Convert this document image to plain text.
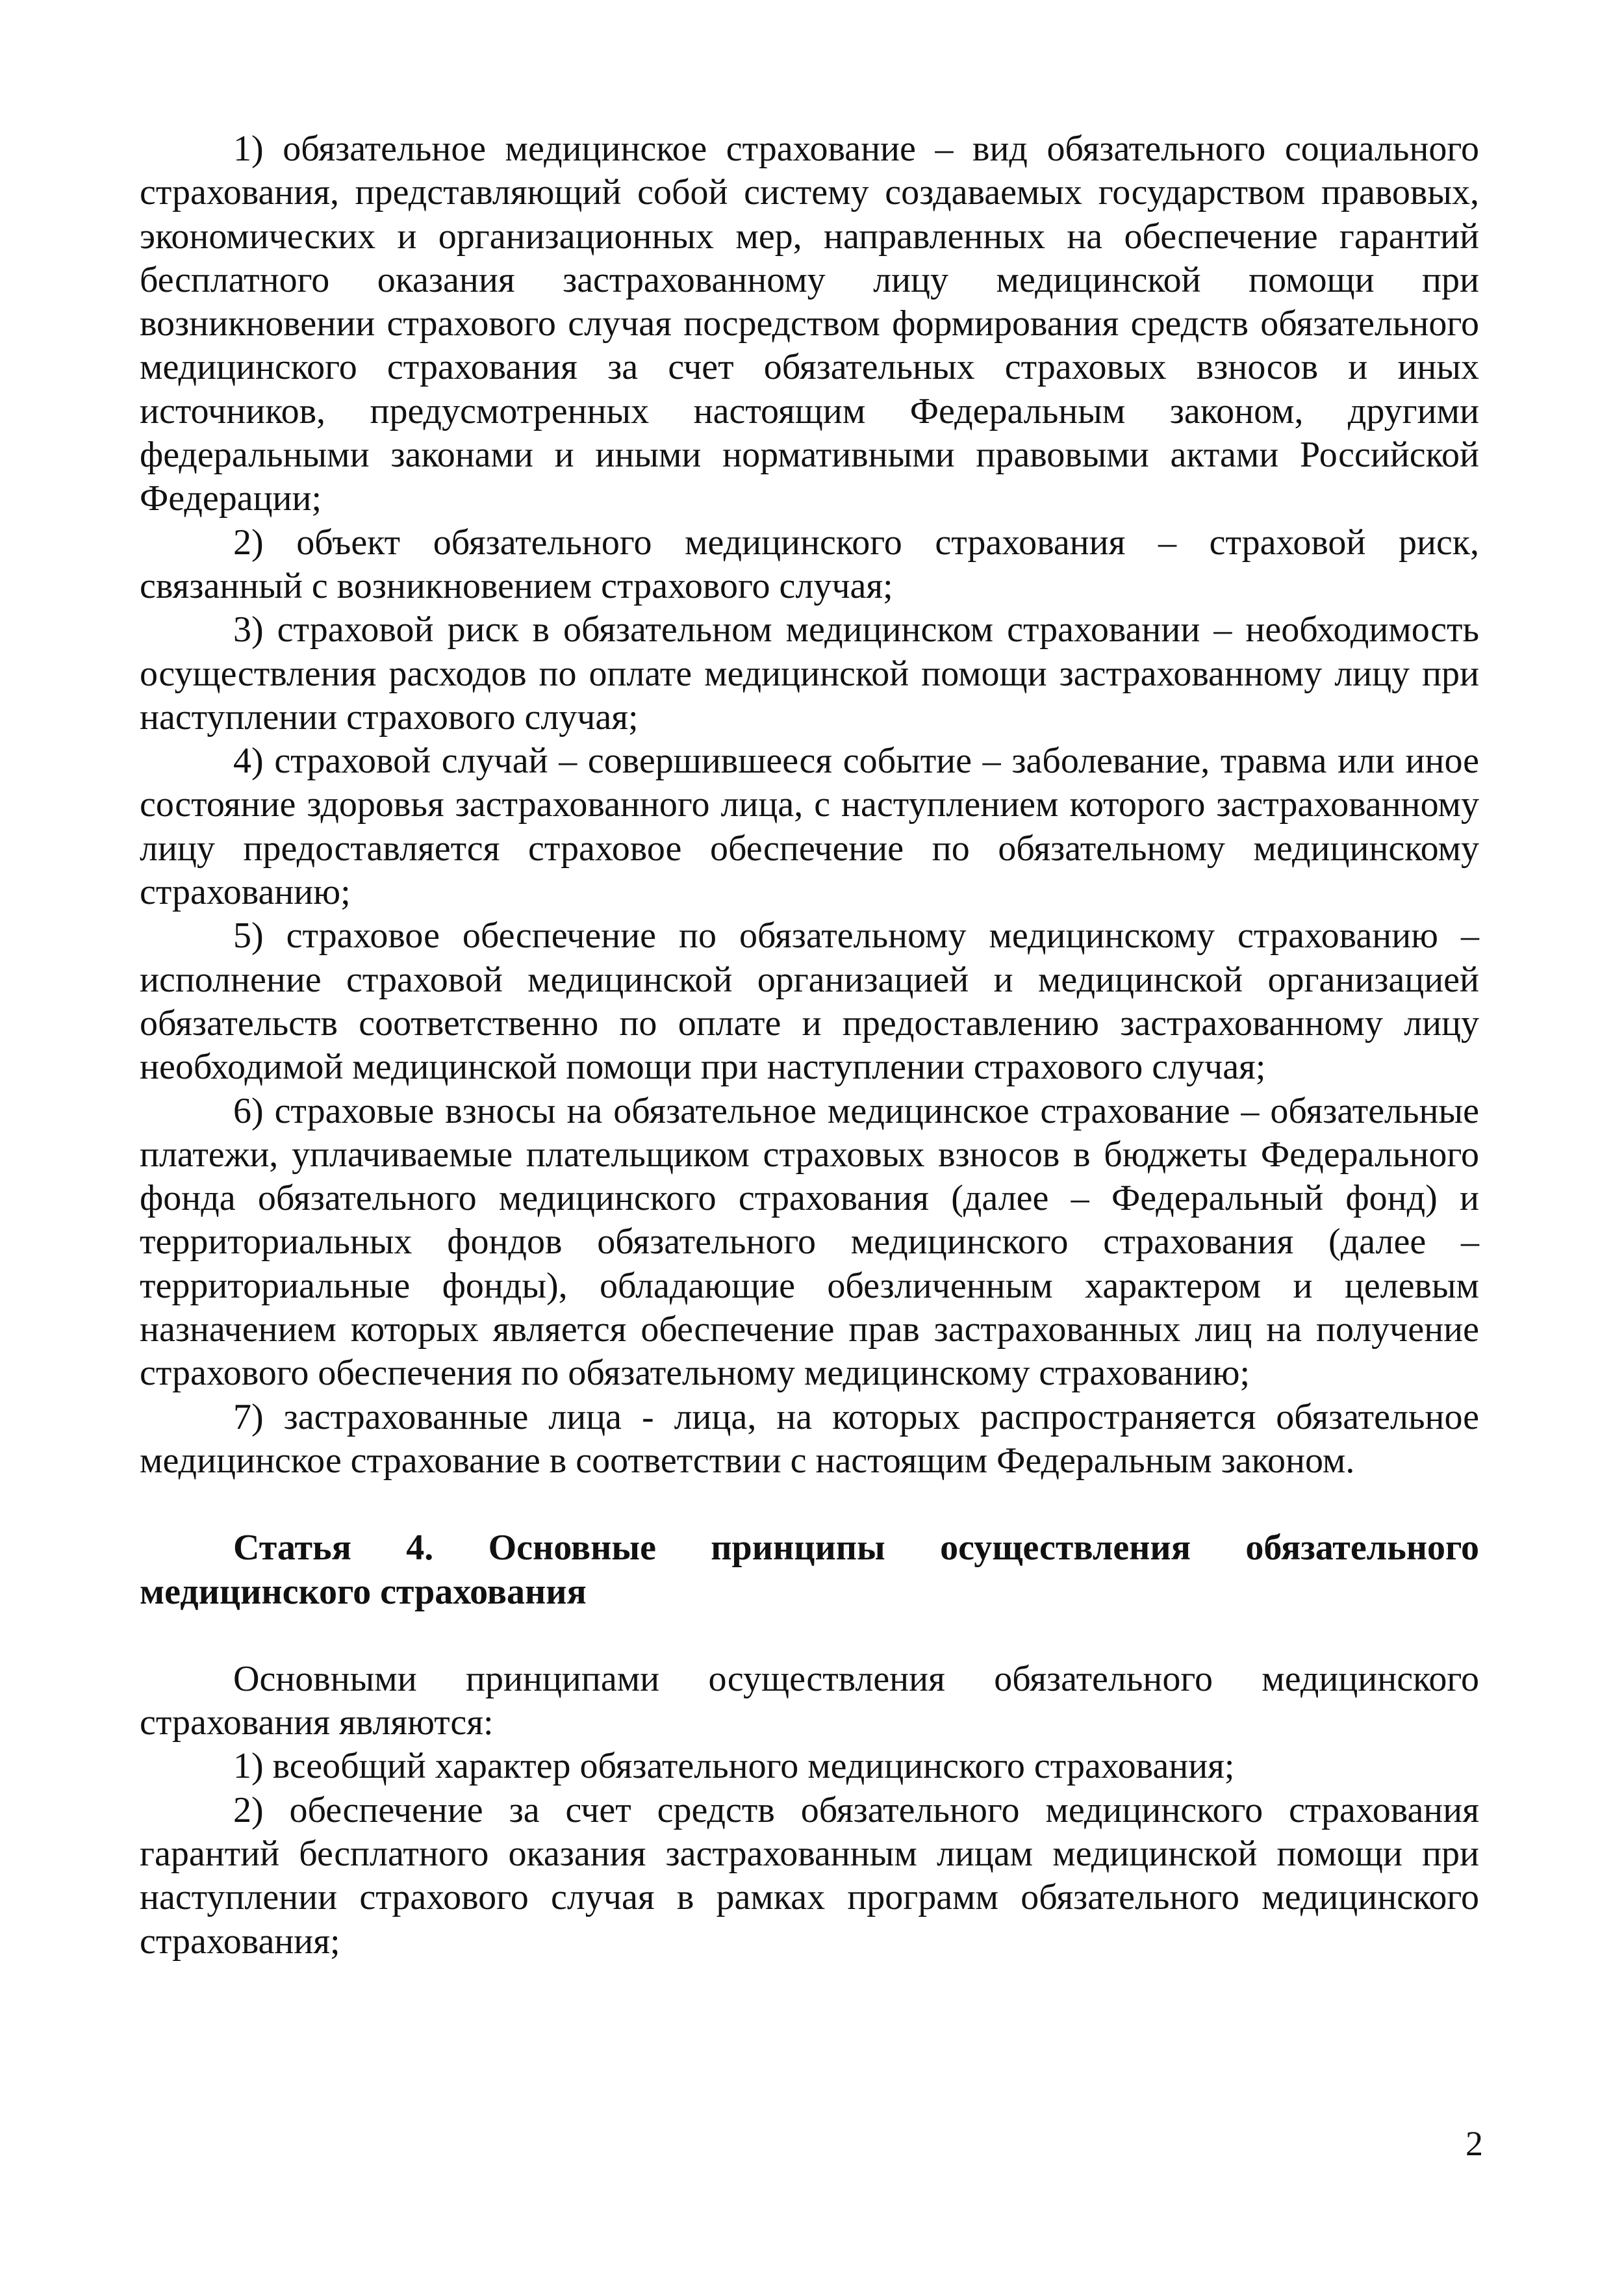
1) обязательное медицинское страхование – вид обязательного социального страхования, представляющий собой систему создаваемых государством правовых, экономических и организационных мер, направленных на обеспечение гарантий бесплатного оказания застрахованному лицу медицинской помощи при возникновении страхового случая посредством формирования средств обязательного медицинского страхования за счет обязательных страховых взносов и иных источников, предусмотренных настоящим Федеральным законом, другими федеральными законами и иными нормативными правовыми актами Российской Федерации;

2) объект обязательного медицинского страхования – страховой риск, связанный с возникновением страхового случая;

3) страховой риск в обязательном медицинском страховании – необходимость осуществления расходов по оплате медицинской помощи застрахованному лицу при наступлении страхового случая;

4) страховой случай – совершившееся событие – заболевание, травма или иное состояние здоровья застрахованного лица, с наступлением которого застрахованному лицу предоставляется страховое обеспечение по обязательному медицинскому страхованию;

5) страховое обеспечение по обязательному медицинскому страхованию – исполнение страховой медицинской организацией и медицинской организацией обязательств соответственно по оплате и предоставлению застрахованному лицу необходимой медицинской помощи при наступлении страхового случая;

6) страховые взносы на обязательное медицинское страхование – обязательные платежи, уплачиваемые плательщиком страховых взносов в бюджеты Федерального фонда обязательного медицинского страхования (далее – Федеральный фонд) и территориальных фондов обязательного медицинского страхования (далее – территориальные фонды), обладающие обезличенным характером и целевым назначением которых является обеспечение прав застрахованных лиц на получение страхового обеспечения по обязательному медицинскому страхованию;

7) застрахованные лица - лица, на которых распространяется обязательное медицинское страхование в соответствии с настоящим Федеральным законом.

Статья 4. Основные принципы осуществления обязательного медицинского страхования

Основными принципами осуществления обязательного медицинского страхования являются:

1) всеобщий характер обязательного медицинского страхования;

2) обеспечение за счет средств обязательного медицинского страхования гарантий бесплатного оказания застрахованным лицам медицинской помощи при наступлении страхового случая в рамках программ обязательного медицинского страхования;

2
